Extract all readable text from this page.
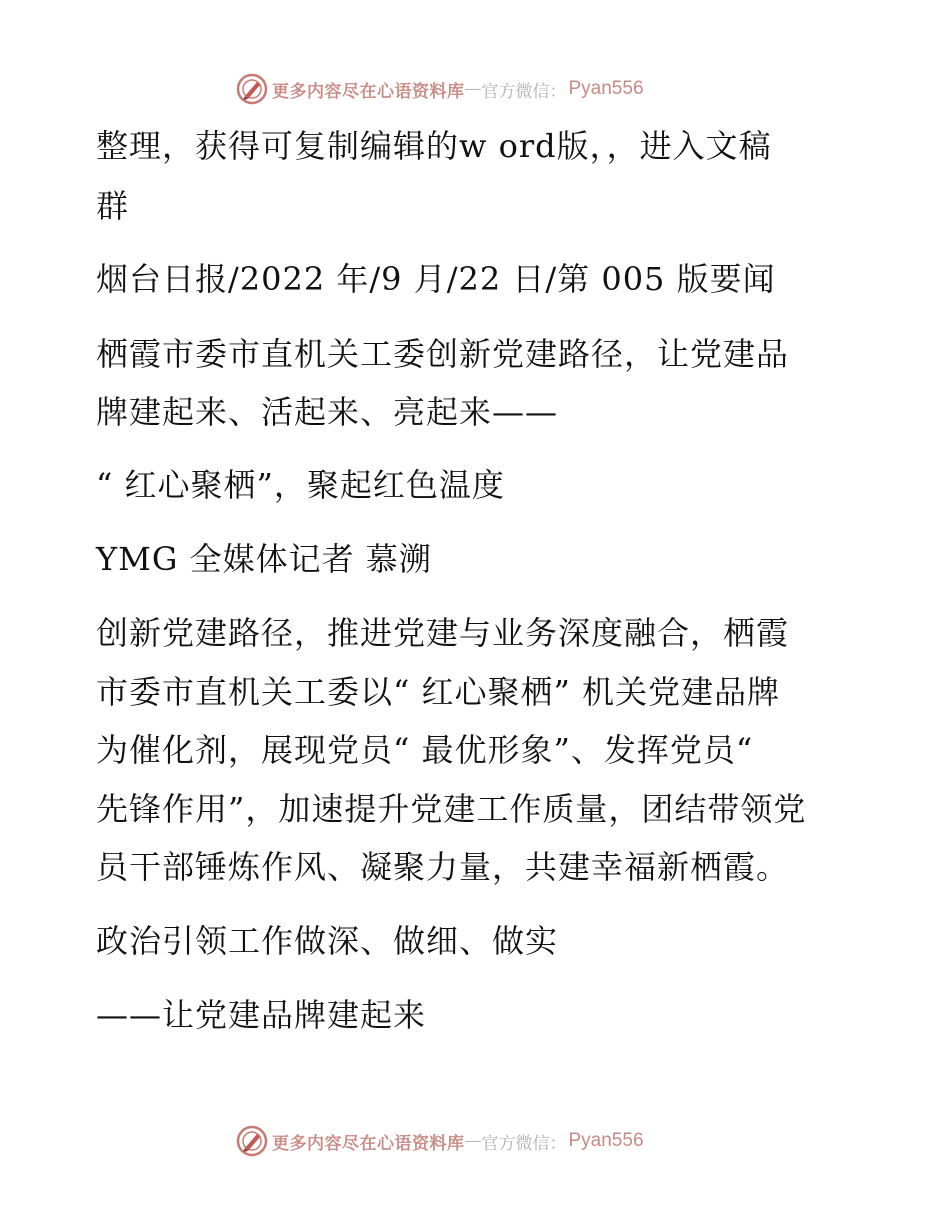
更多内容尽在心语资料库 — 官方微信： Pyan556
整理，获得可复制编辑的w ord版，，进入文稿
群
烟台日报/2022 年/9 月/22 日/第 005 版要闻
栖霞市委市直机关工委创新党建路径，让党建品
牌建起来、活起来、亮起来——
“ 红心聚栖”，聚起红色温度
YMG 全媒体记者 慕溯
创新党建路径，推进党建与业务深度融合，栖霞
市委市直机关工委以“ 红心聚栖” 机关党建品牌
为催化剂，展现党员“ 最优形象”、发挥党员“
先锋作用”，加速提升党建工作质量，团结带领党
员干部锤炼作风、凝聚力量，共建幸福新栖霞。
政治引领工作做深、做细、做实
——让党建品牌建起来
更多内容尽在心语资料库 — 官方微信： Pyan556
